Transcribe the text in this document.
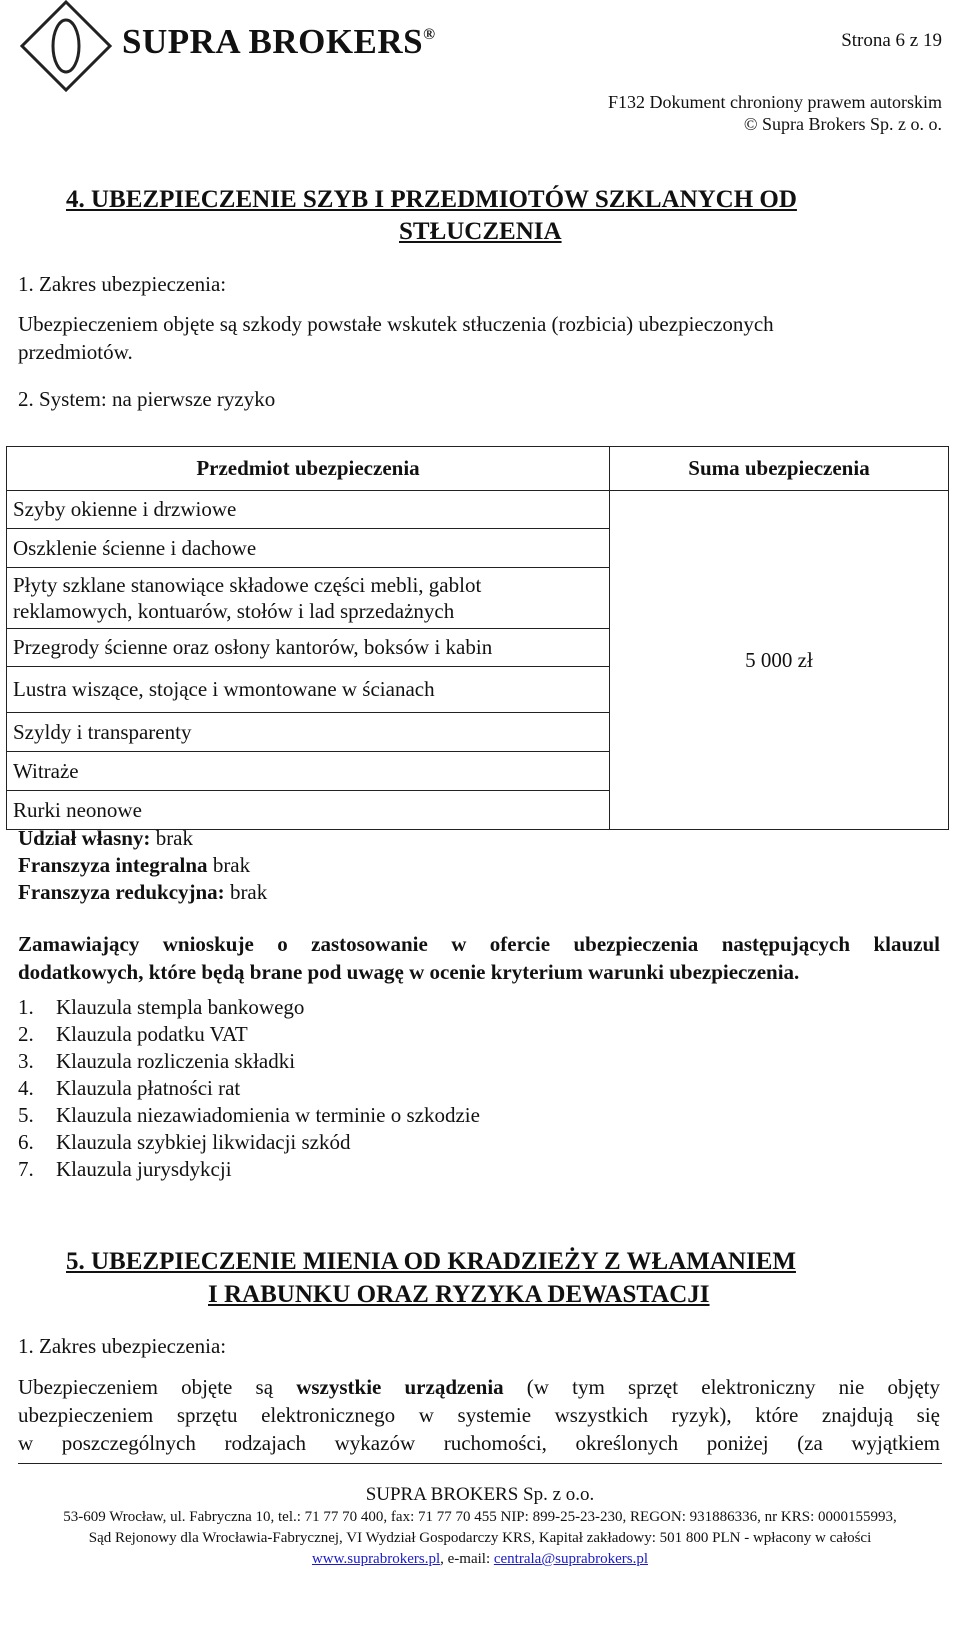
SUPRA BROKERS®	Strona 6 z 19
F132 Dokument chroniony prawem autorskim
© Supra Brokers Sp. z o. o.
4. UBEZPIECZENIE SZYB I PRZEDMIOTÓW SZKLANYCH OD
STŁUCZENIA
1. Zakres ubezpieczenia:
Ubezpieczeniem objęte są szkody powstałe wskutek stłuczenia (rozbicia) ubezpieczonych
przedmiotów.
2. System: na pierwsze ryzyko
Przedmiot ubezpieczenia	Suma ubezpieczenia
Szyby okienne i drzwiowe	5 000 zł
Oszklenie ścienne i dachowe	
Płyty szklane stanowiące składowe części mebli, gablot reklamowych, kontuarów, stołów i lad sprzedażnych	
Przegrody ścienne oraz osłony kantorów, boksów i kabin	
Lustra wiszące, stojące i wmontowane w ścianach	
Szyldy i transparenty	
Witraże	
Rurki neonowe	
Udział własny: brak
Franszyza integralna brak
Franszyza redukcyjna: brak
Zamawiający wnioskuje o zastosowanie w ofercie ubezpieczenia następujących klauzul
dodatkowych, które będą brane pod uwagę w ocenie kryterium warunki ubezpieczenia.
1. Klauzula stempla bankowego
2. Klauzula podatku VAT
3. Klauzula rozliczenia składki
4. Klauzula płatności rat
5. Klauzula niezawiadomienia w terminie o szkodzie
6. Klauzula szybkiej likwidacji szkód
7. Klauzula jurysdykcji
5. UBEZPIECZENIE MIENIA OD KRADZIEŻY Z WŁAMANIEM
I RABUNKU ORAZ RYZYKA DEWASTACJI
1. Zakres ubezpieczenia:
Ubezpieczeniem objęte są wszystkie urządzenia (w tym sprzęt elektroniczny nie objęty
ubezpieczeniem sprzętu elektronicznego w systemie wszystkich ryzyk), które znajdują się
w poszczególnych rodzajach wykazów ruchomości, określonych poniżej (za wyjątkiem
SUPRA BROKERS Sp. z o.o.
53-609 Wrocław, ul. Fabryczna 10, tel.: 71 77 70 400, fax: 71 77 70 455 NIP: 899-25-23-230, REGON: 931886336, nr KRS: 0000155993,
Sąd Rejonowy dla Wrocławia-Fabrycznej, VI Wydział Gospodarczy KRS, Kapitał zakładowy: 501 800 PLN - wpłacony w całości
www.suprabrokers.pl, e-mail: centrala@suprabrokers.pl
